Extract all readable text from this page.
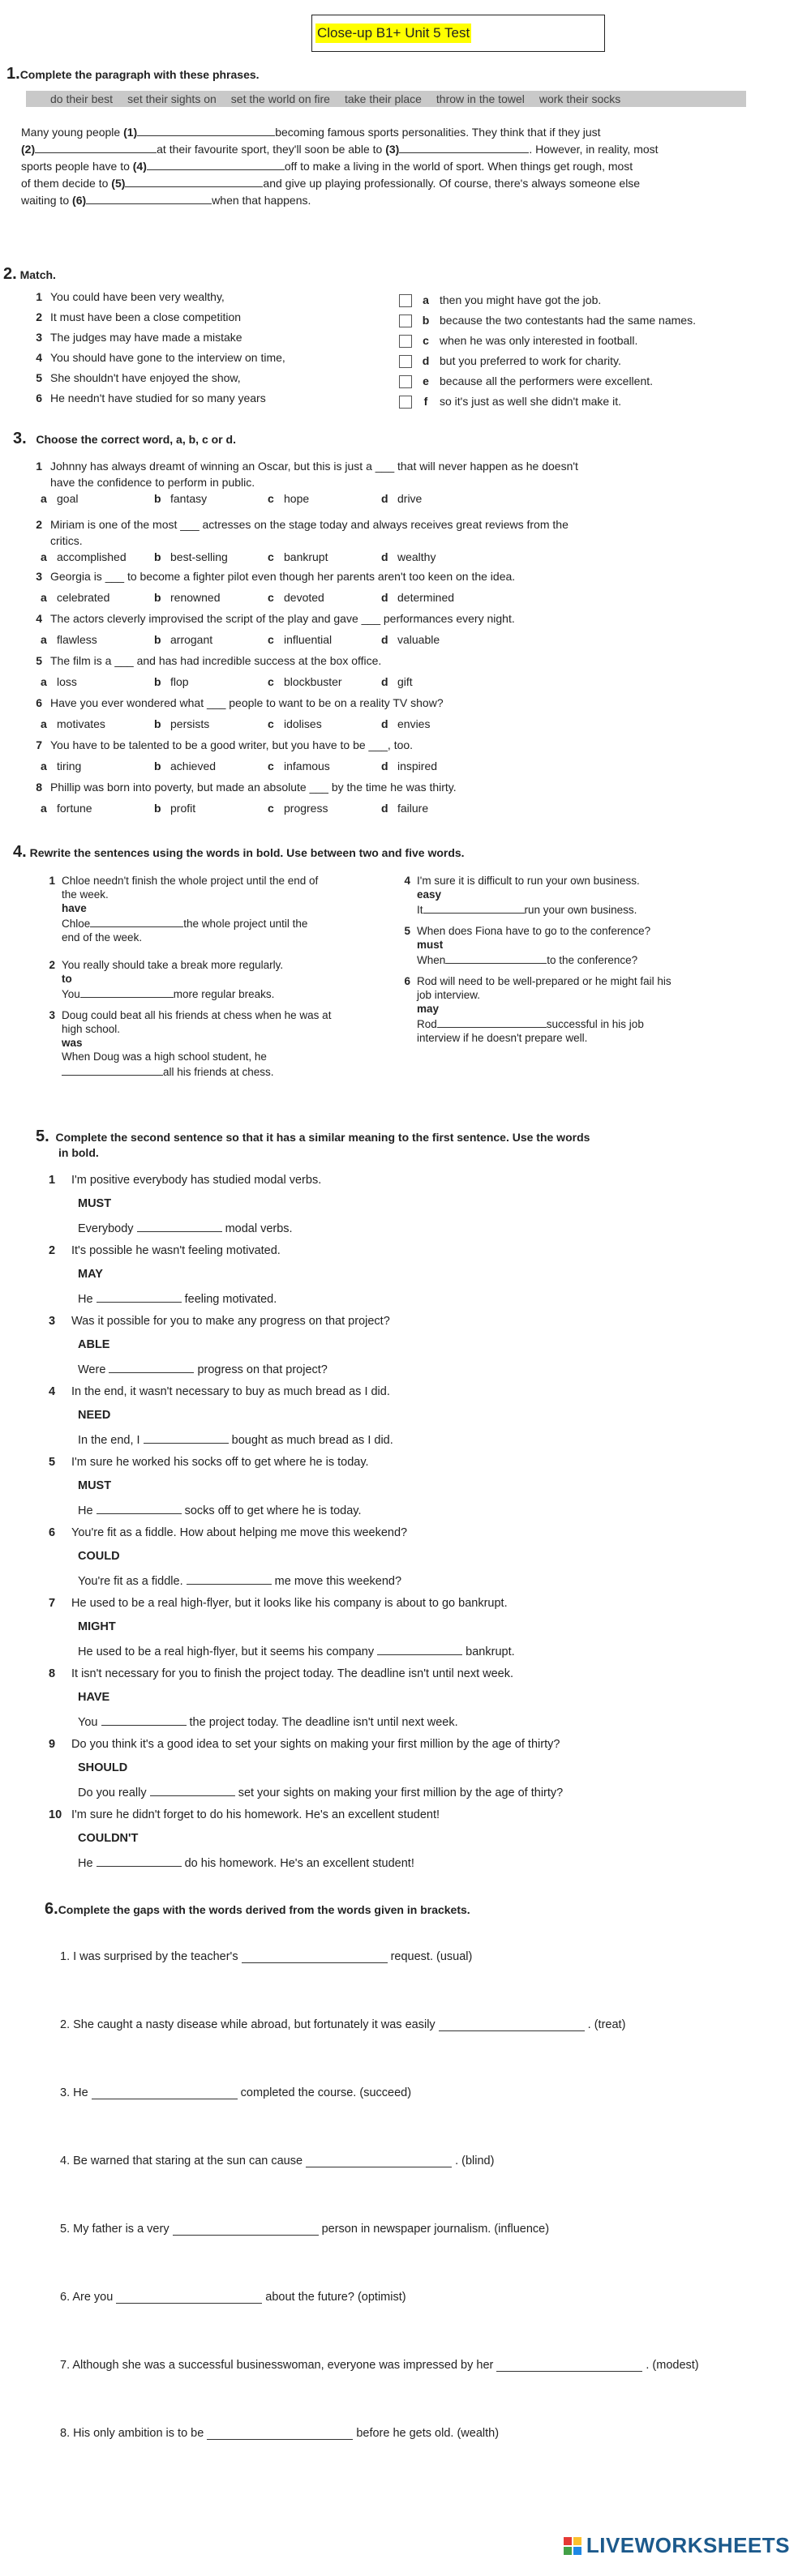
Close-up B1+ Unit 5 Test
1.Complete the paragraph with these phrases.
do their best set their sights on set the world on fire take their place throw in the towel work their socks
Many young people (1)	becoming famous sports personalities. They think that if they just
(2)	at their favourite sport, they'll soon be able to (3)	. However, in reality, most
sports people have to (4)	off to make a living in the world of sport. When things get rough, most
of them decide to (5)	and give up playing professionally. Of course, there's always someone else
waiting to (6)	when that happens.
2. Match.
1 You could have been very wealthy,
2 It must have been a close competition
3 The judges may have made a mistake
4 You should have gone to the interview on time,
5 She shouldn't have enjoyed the show,
6 He needn't have studied for so many years
a then you might have got the job.
b because the two contestants had the same names.
c when he was only interested in football.
d but you preferred to work for charity.
e because all the performers were excellent.
f so it's just as well she didn't make it.
3. Choose the correct word, a, b, c or d.
1 Johnny has always dreamt of winning an Oscar, but this is just a ___ that will never happen as he doesn't
have the confidence to perform in public.
a goal	b fantasy	c hope	d drive
2 Miriam is one of the most ___ actresses on the stage today and always receives great reviews from the
critics.
a accomplished b best-selling	c bankrupt	d wealthy
3 Georgia is ___ to become a fighter pilot even though her parents aren't too keen on the idea.
a celebrated	b renowned	c devoted	d determined
4 The actors cleverly improvised the script of the play and gave ___ performances every night.
a flawless	b arrogant	c influential	d valuable
5 The film is a ___ and has had incredible success at the box office.
a loss	b flop	c blockbuster	d gift
6 Have you ever wondered what ___ people to want to be on a reality TV show?
a motivates	b persists	c idolises	d envies
7 You have to be talented to be a good writer, but you have to be ___, too.
a tiring	b achieved	c infamous	d inspired
8 Phillip was born into poverty, but made an absolute ___ by the time he was thirty.
a fortune	b profit	c progress	d failure
4. Rewrite the sentences using the words in bold. Use between two and five words.
1 Chloe needn't finish the whole project until the end of
the week.
have
Chloe	the whole project until the
end of the week.
2 You really should take a break more regularly.
to
You	more regular breaks.
3 Doug could beat all his friends at chess when he was at
high school.
was
When Doug was a high school student, he
all his friends at chess.
4 I'm sure it is difficult to run your own business.
easy
It	run your own business.
5 When does Fiona have to go to the conference?
must
When	to the conference?
6 Rod will need to be well-prepared or he might fail his
job interview.
may
Rod	successful in his job
interview if he doesn't prepare well.
5. Complete the second sentence so that it has a similar meaning to the first sentence. Use the words
in bold.
1 I'm positive everybody has studied modal verbs.
MUST
Everybody	modal verbs.
2 It's possible he wasn't feeling motivated.
MAY
He	feeling motivated.
3 Was it possible for you to make any progress on that project?
ABLE
Were	progress on that project?
4 In the end, it wasn't necessary to buy as much bread as I did.
NEED
In the end, I	bought as much bread as I did.
5 I'm sure he worked his socks off to get where he is today.
MUST
He	socks off to get where he is today.
6 You're fit as a fiddle. How about helping me move this weekend?
COULD
You're fit as a fiddle.	me move this weekend?
7 He used to be a real high-flyer, but it looks like his company is about to go bankrupt.
MIGHT
He used to be a real high-flyer, but it seems his company	bankrupt.
8 It isn't necessary for you to finish the project today. The deadline isn't until next week.
HAVE
You	the project today. The deadline isn't until next week.
9 Do you think it's a good idea to set your sights on making your first million by the age of thirty?
SHOULD
Do you really	set your sights on making your first million by the age of thirty?
10 I'm sure he didn't forget to do his homework. He's an excellent student!
COULDN'T
He	do his homework. He's an excellent student!
6.Complete the gaps with the words derived from the words given in brackets.
1. I was surprised by the teacher's	request. (usual)
2. She caught a nasty disease while abroad, but fortunately it was easily	. (treat)
3. He	completed the course. (succeed)
4. Be warned that staring at the sun can cause	. (blind)
5. My father is a very	person in newspaper journalism. (influence)
6. Are you	about the future? (optimist)
7. Although she was a successful businesswoman, everyone was impressed by her	. (modest)
8. His only ambition is to be	before he gets old. (wealth)
LIVEWORKSHEETS
